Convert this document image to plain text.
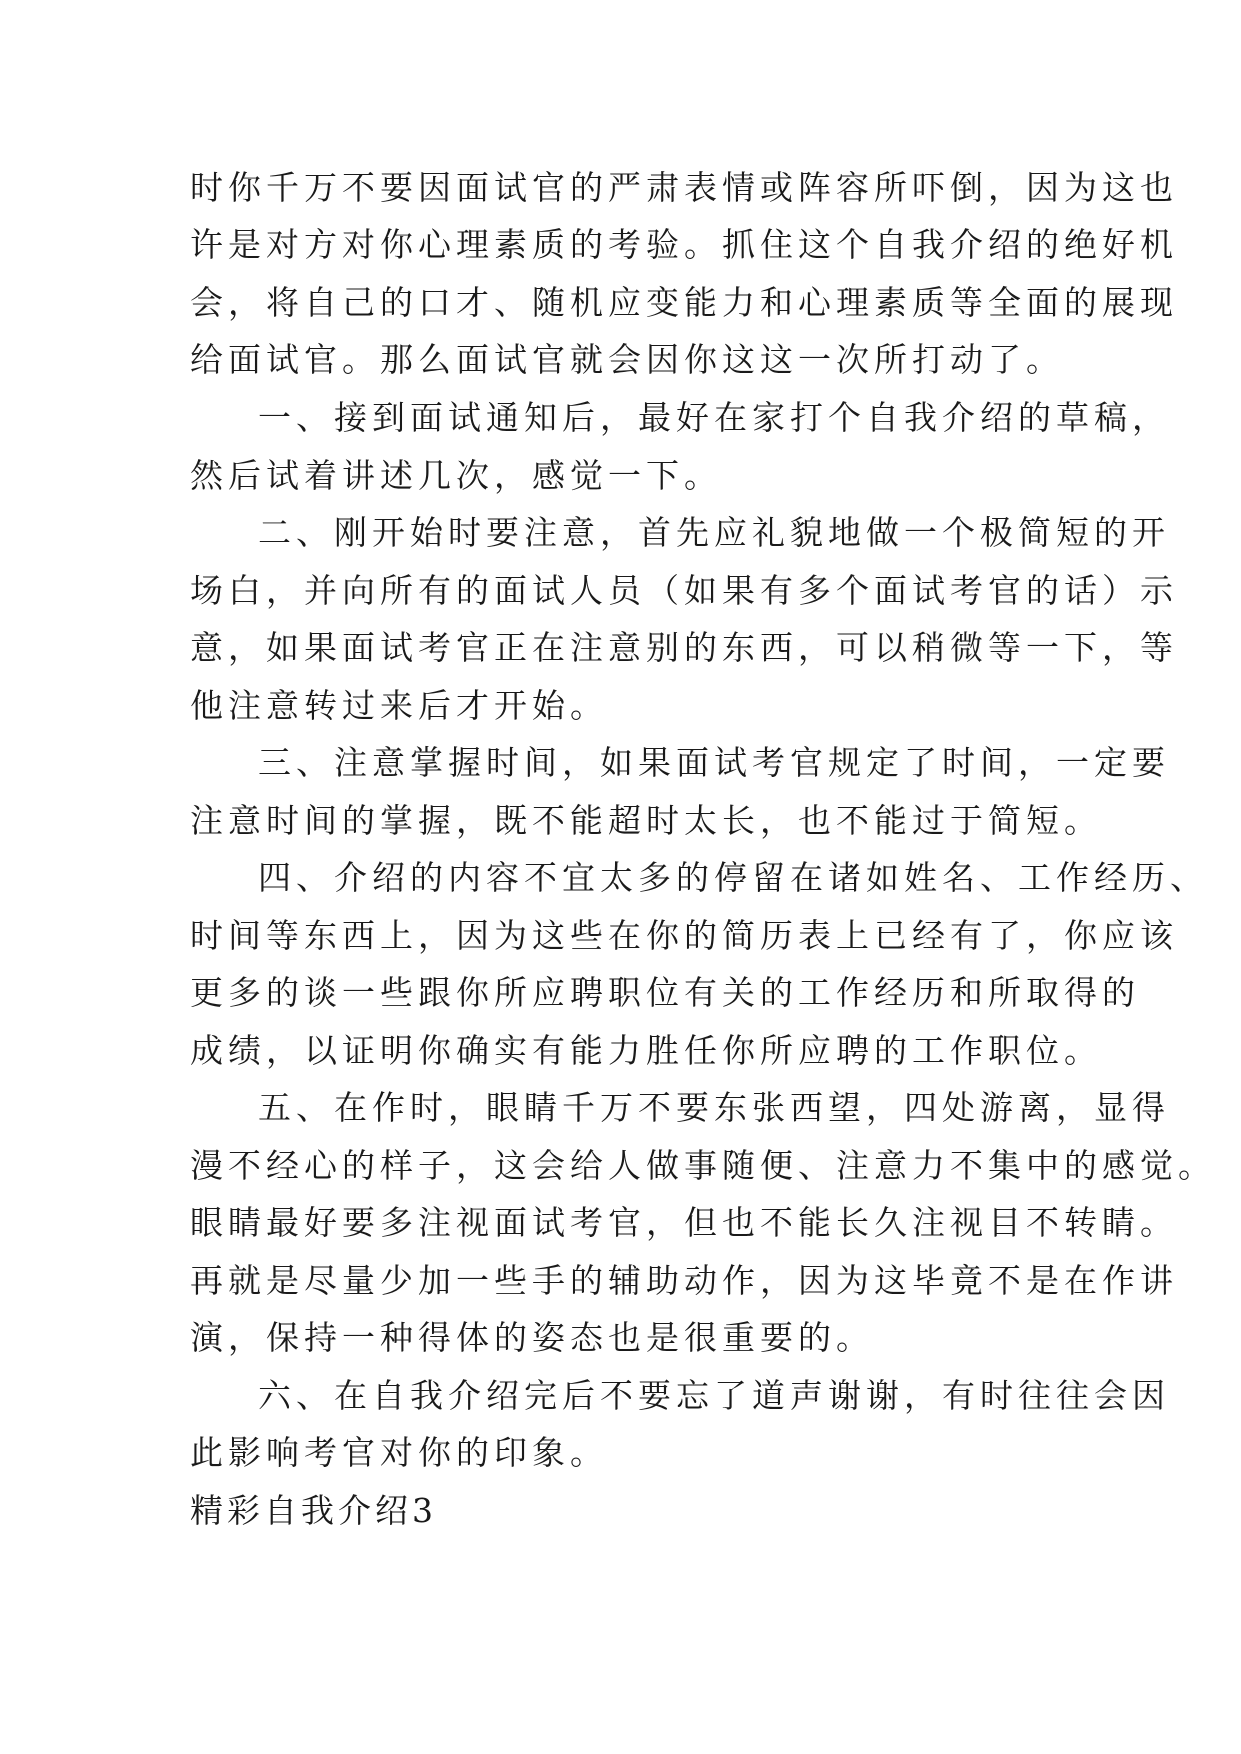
时你千万不要因面试官的严肃表情或阵容所吓倒，因为这也

许是对方对你心理素质的考验。抓住这个自我介绍的绝好机

会，将自己的口才、随机应变能力和心理素质等全面的展现

给面试官。那么面试官就会因你这这一次所打动了。

一、接到面试通知后，最好在家打个自我介绍的草稿，

然后试着讲述几次，感觉一下。

二、刚开始时要注意，首先应礼貌地做一个极简短的开

场白，并向所有的面试人员（如果有多个面试考官的话）示

意，如果面试考官正在注意别的东西，可以稍微等一下，等

他注意转过来后才开始。

三、注意掌握时间，如果面试考官规定了时间，一定要

注意时间的掌握，既不能超时太长，也不能过于简短。

四、介绍的内容不宜太多的停留在诸如姓名、工作经历、

时间等东西上，因为这些在你的简历表上已经有了，你应该

更多的谈一些跟你所应聘职位有关的工作经历和所取得的

成绩，以证明你确实有能力胜任你所应聘的工作职位。

五、在作时，眼睛千万不要东张西望，四处游离，显得

漫不经心的样子，这会给人做事随便、注意力不集中的感觉。

眼睛最好要多注视面试考官，但也不能长久注视目不转睛。

再就是尽量少加一些手的辅助动作，因为这毕竟不是在作讲

演，保持一种得体的姿态也是很重要的。

六、在自我介绍完后不要忘了道声谢谢，有时往往会因

此影响考官对你的印象。

精彩自我介绍3
